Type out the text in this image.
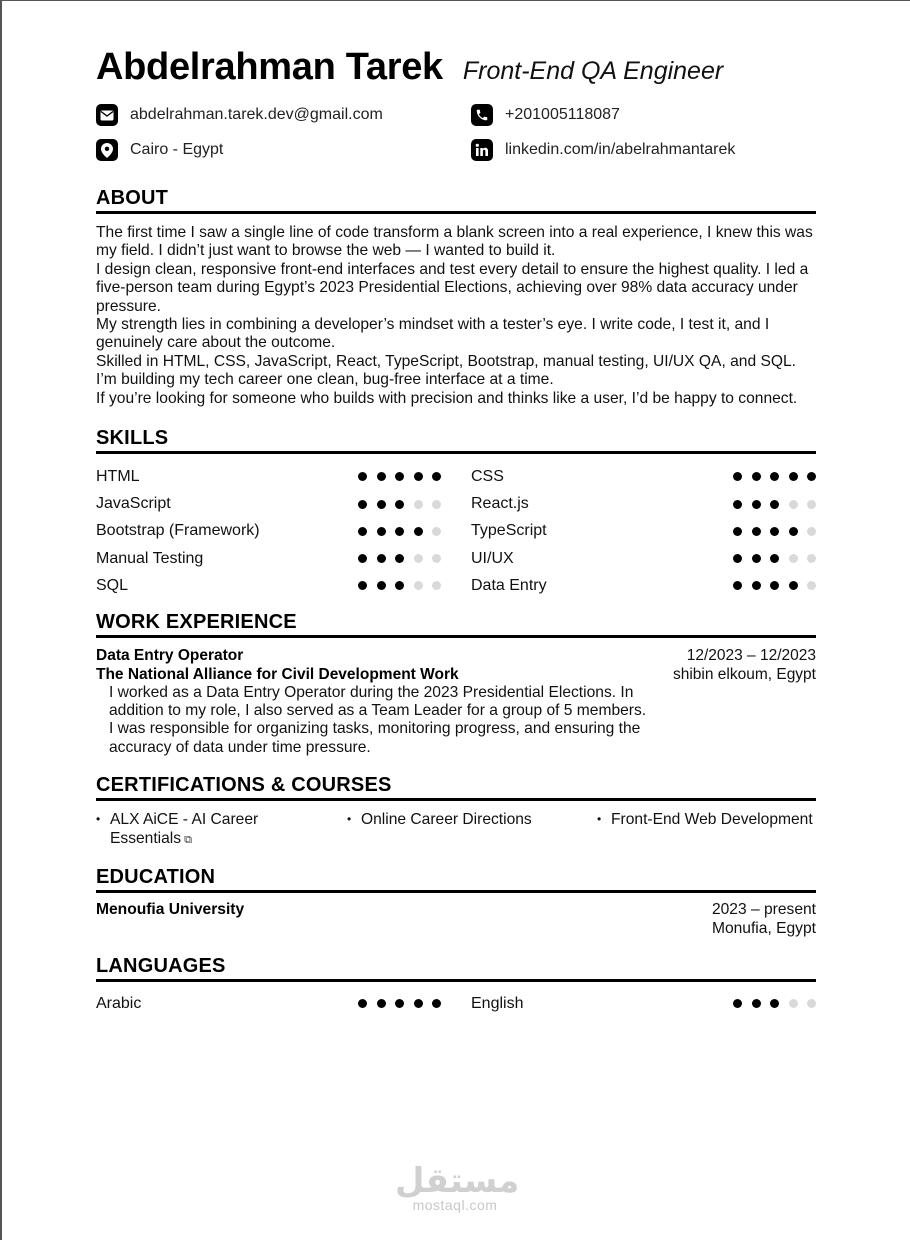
Abdelrahman Tarek Front-End QA Engineer
abdelrahman.tarek.dev@gmail.com	+201005118087
Cairo - Egypt	linkedin.com/in/abelrahmantarek
ABOUT

The first time I saw a single line of code transform a blank screen into a real experience, I knew this was my field. I didn’t just want to browse the web — I wanted to build it.

I design clean, responsive front-end interfaces and test every detail to ensure the highest quality. I led a five-person team during Egypt’s 2023 Presidential Elections, achieving over 98% data accuracy under pressure.

My strength lies in combining a developer’s mindset with a tester’s eye. I write code, I test it, and I genuinely care about the outcome.

Skilled in HTML, CSS, JavaScript, React, TypeScript, Bootstrap, manual testing, UI/UX QA, and SQL.

I’m building my tech career one clean, bug-free interface at a time.

If you’re looking for someone who builds with precision and thinks like a user, I’d be happy to connect.

SKILLS
HTML	CSS
JavaScript	React.js
Bootstrap (Framework)	TypeScript
Manual Testing	UI/UX
SQL	Data Entry
WORK EXPERIENCE
Data Entry Operator	12/2023 – 12/2023
The National Alliance for Civil Development Work	shibin elkoum, Egypt
I worked as a Data Entry Operator during the 2023 Presidential Elections. In addition to my role, I also served as a Team Leader for a group of 5 members. I was responsible for organizing tasks, monitoring progress, and ensuring the accuracy of data under time pressure.
CERTIFICATIONS & COURSES
• ALX AiCE - AI Career Essentials ⧉
• Online Career Directions	• Front-End Web Development
EDUCATION
Menoufia University	2023 – present
Monufia, Egypt
LANGUAGES
Arabic	English
مستقل
mostaql.com
